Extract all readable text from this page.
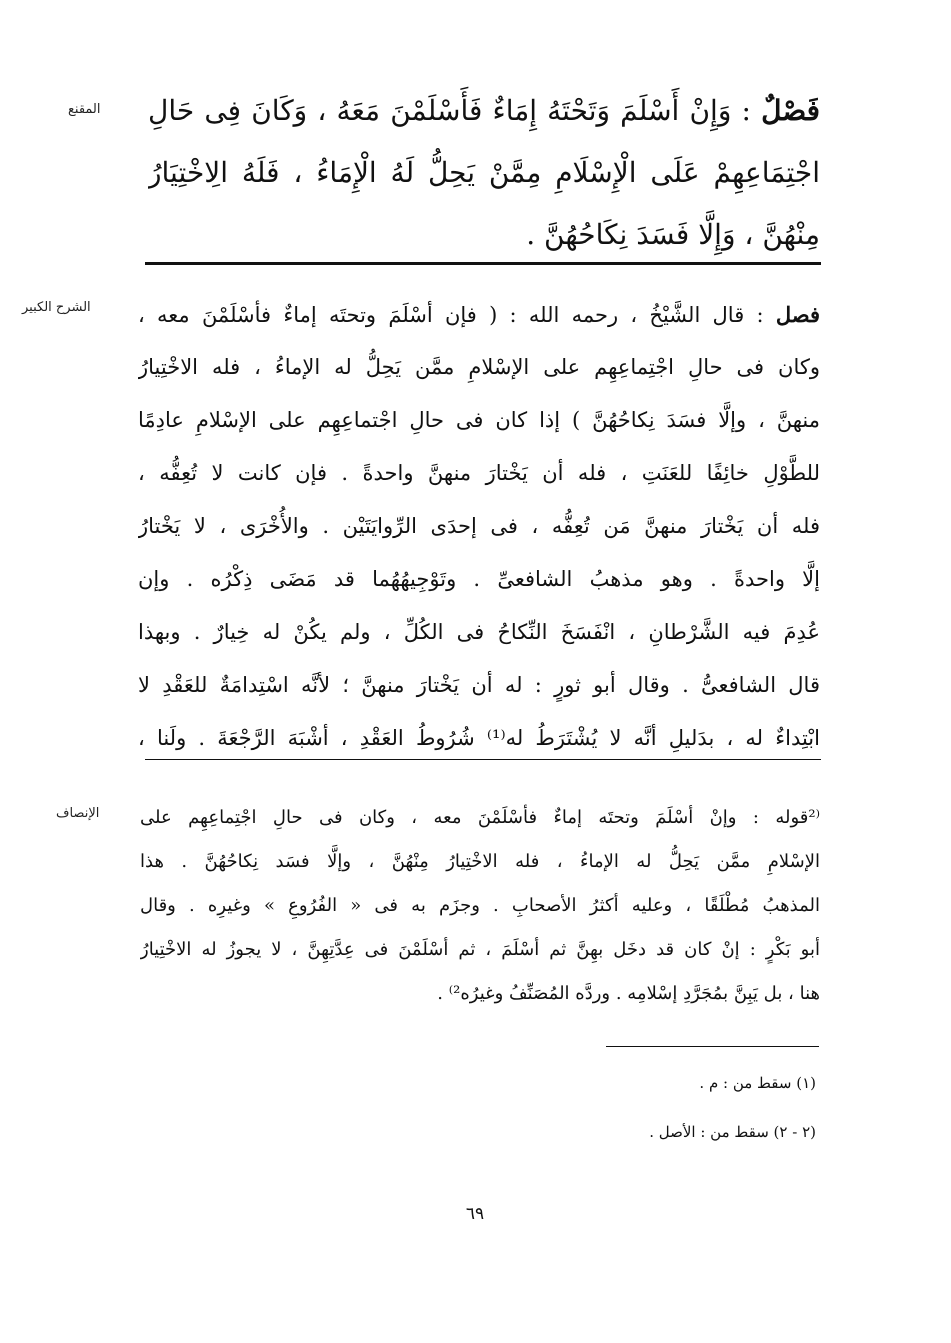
المقنع
الشرح الكبير
الإنصاف
فَصْلٌ : وَإِنْ أَسْلَمَ وَتَحْتَهُ إِمَاءٌ فَأَسْلَمْنَ مَعَهُ ، وَكَانَ فِى حَالِ
اجْتِمَاعِهِمْ عَلَى الْإِسْلَامِ مِمَّنْ يَحِلُّ لَهُ الْإِمَاءُ ، فَلَهُ الِاخْتِيَارُ
مِنْهُنَّ ، وَإِلَّا فَسَدَ نِكَاحُهُنَّ .
فصل : قال الشَّيْخُ ، رحمه الله : ( فإن أسْلَمَ وتحتَه إماءٌ فأسْلَمْنَ معه ،
وكان فى حالِ اجْتِماعِهِم على الإسْلامِ ممَّن يَحِلُّ له الإماءُ ، فله الاخْتِيارُ
منهنَّ ، وإلَّا فسَدَ نِكاحُهُنَّ ) إذا كان فى حالِ اجْتماعِهِم على الإسْلامِ عادِمًا
للطَّوْلِ خائِفًا للعَنَتِ ، فله أن يَخْتارَ منهنَّ واحدةً . فإن كانت لا تُعِفُّه ،
فله أن يَخْتارَ منهنَّ مَن تُعِفُّه ، فى إحدَى الرِّوايَتَيْن . والأُخْرَى ، لا يَخْتارُ
إلَّا واحدةً . وهو مذهبُ الشافعىِّ . وتَوْجِيهُهُما قد مَضَى ذِكْرُه . وإن
عُدِمَ فيه الشَّرْطانِ ، انْفَسَخَ النِّكاحُ فى الكُلِّ ، ولم يكُنْ له خِيارٌ . وبهذا
قال الشافعىُّ . وقال أبو ثورٍ : له أن يَخْتارَ منهنَّ ؛ لأنَّه اسْتِدامَةٌ للعَقْدِ لا
ابْتِداءٌ له ، بدَليلِ أنَّه لا يُشْتَرَطُ له⁽¹⁾ شُرُوطُ العَقْدِ ، أشْبَهَ الرَّجْعَةَ . ولَنا ،
⁽²قوله : وإنْ أسْلَمَ وتحتَه إماءٌ فأسْلَمْنَ معه ، وكان فى حالِ اجْتِماعِهِم على
الإسْلامِ ممَّن يَحِلُّ له الإماءُ ، فله الاخْتِيارُ مِنْهُنَّ ، وإلَّا فسَد نِكاحُهُنَّ . هذا
المذهبُ مُطْلَقًا ، وعليه أكثرُ الأصحابِ . وجزَم به فى « الفُرُوعِ » وغيرِه . وقال
أبو بَكْرٍ : إنْ كان قد دخَل بهِنَّ ثم أسْلَمَ ، ثم أسْلَمْنَ فى عِدَّتِهِنَّ ، لا يجوزُ له الاخْتِيارُ
هنا ، بل يَبِنَّ بمُجَرَّدِ إسْلامِه . وردَّه المُصَنِّفُ وغيرُه²⁾ .
(١) سقط من : م .
(٢ - ٢) سقط من : الأصل .
٦٩
